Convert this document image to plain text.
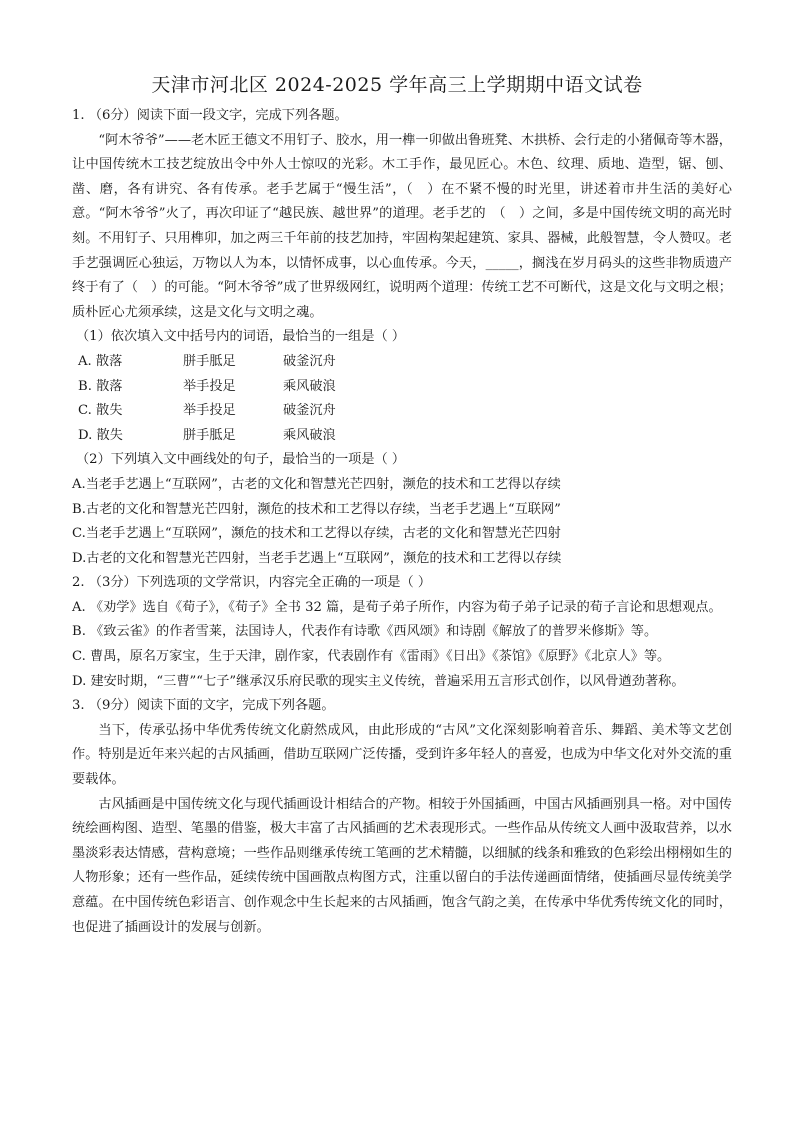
天津市河北区 2024-2025 学年高三上学期期中语文试卷

1. （6分）阅读下面一段文字，完成下列各题。

“阿木爷爷”——老木匠王德文不用钉子、胶水，用一榫一卯做出鲁班凳、木拱桥、会行走的小猪佩奇等木器，让中国传统木工技艺绽放出令中外人士惊叹的光彩。木工手作，最见匠心。木色、纹理、质地、造型，锯、刨、凿、磨，各有讲究、各有传承。老手艺属于“慢生活”，（　）在不紧不慢的时光里，讲述着市井生活的美好心意。“阿木爷爷”火了，再次印证了“越民族、越世界”的道理。老手艺的　（　）之间，多是中国传统文明的高光时刻。不用钉子、只用榫卯，加之两三千年前的技艺加持，牢固构架起建筑、家具、器械，此般智慧，令人赞叹。老手艺强调匠心独运，万物以人为本，以情怀成事，以心血传承。今天，_____，搁浅在岁月码头的这些非物质遗产终于有了（　）的可能。“阿木爷爷”成了世界级网红，说明两个道理：传统工艺不可断代，这是文化与文明之根；质朴匠心尤须承续，这是文化与文明之魂。

（1）依次填入文中括号内的词语，最恰当的一组是（ ）

A. 散落	胼手胝足	破釜沉舟

B. 散落	举手投足	乘风破浪

C. 散失	举手投足	破釜沉舟

D. 散失	胼手胝足	乘风破浪

（2）下列填入文中画线处的句子，最恰当的一项是（ ）

A.当老手艺遇上“互联网”，古老的文化和智慧光芒四射，濒危的技术和工艺得以存续

B.古老的文化和智慧光芒四射，濒危的技术和工艺得以存续，当老手艺遇上“互联网”

C.当老手艺遇上“互联网”，濒危的技术和工艺得以存续，古老的文化和智慧光芒四射

D.古老的文化和智慧光芒四射，当老手艺遇上“互联网”，濒危的技术和工艺得以存续

2. （3分）下列选项的文学常识，内容完全正确的一项是（ ）

A. 《劝学》选自《荀子》，《荀子》全书 32 篇，是荀子弟子所作，内容为荀子弟子记录的荀子言论和思想观点。

B. 《致云雀》的作者雪莱，法国诗人，代表作有诗歌《西风颂》和诗剧《解放了的普罗米修斯》等。

C. 曹禺，原名万家宝，生于天津，剧作家，代表剧作有《雷雨》《日出》《茶馆》《原野》《北京人》等。

D. 建安时期，“三曹”“七子”继承汉乐府民歌的现实主义传统，普遍采用五言形式创作，以风骨遒劲著称。

3. （9分）阅读下面的文字，完成下列各题。

当下，传承弘扬中华优秀传统文化蔚然成风，由此形成的“古风”文化深刻影响着音乐、舞蹈、美术等文艺创作。特别是近年来兴起的古风插画，借助互联网广泛传播，受到许多年轻人的喜爱，也成为中华文化对外交流的重要载体。

古风插画是中国传统文化与现代插画设计相结合的产物。相较于外国插画，中国古风插画别具一格。对中国传统绘画构图、造型、笔墨的借鉴，极大丰富了古风插画的艺术表现形式。一些作品从传统文人画中汲取营养，以水墨淡彩表达情感，营构意境；一些作品则继承传统工笔画的艺术精髓，以细腻的线条和雅致的色彩绘出栩栩如生的人物形象；还有一些作品，延续传统中国画散点构图方式，注重以留白的手法传递画面情绪，使插画尽显传统美学意蕴。在中国传统色彩语言、创作观念中生长起来的古风插画，饱含气韵之美，在传承中华优秀传统文化的同时，也促进了插画设计的发展与创新。
